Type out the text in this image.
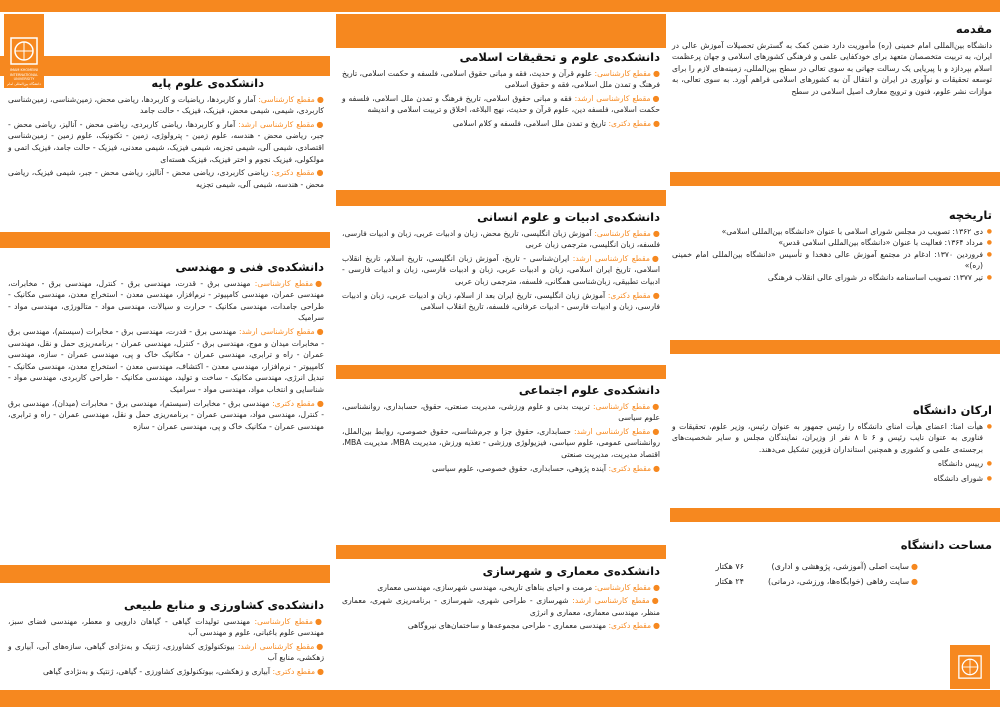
مقدمه

دانشگاه بین‌المللی امام خمینی (ره) مأموریت دارد ضمن کمک به گسترش تحصیلات آموزش عالی در ایران، به تربیت متخصصان متعهد برای خودکفایی علمی و فرهنگی کشورهای اسلامی و جهان پرعظمت اسلام بپردازد و با پیریایی یک رسالت جهانی به سوی تعالی در سطح بین‌المللی، زمینه‌های لازم را برای توسعه تحقیقات و نوآوری در ایران و انتقال آن به کشورهای اسلامی فراهم آورد. به سوی تعالی، به موازات نشر علوم، فنون و ترویج معارف اصیل اسلامی در سطح

تاریخچه
● دی ۱۳۶۲: تصویب در مجلس شورای اسلامی با عنوان «دانشگاه بین‌المللی اسلامی»
● مرداد ۱۳۶۴: فعالیت با عنوان «دانشگاه بین‌المللی اسلامی قدس»
● فروردین ۱۳۷۰: ادغام در مجتمع آموزش عالی دهخدا و تأسیس «دانشگاه بین‌المللی امام خمینی (ره)»
● تیر ۱۳۷۷: تصویب اساسنامه دانشگاه در شورای عالی انقلاب فرهنگی
ارکان دانشگاه
● هیأت امنا: اعضای هیأت امنای دانشگاه را رئیس جمهور به عنوان رئیس، وزیر علوم، تحقیقات و فناوری به عنوان نایب رئیس و ۶ تا ۸ نفر از وزیران، نمایندگان مجلس و سایر شخصیت‌های برجسته‌ی علمی و کشوری و همچنین استانداران قزوین تشکیل می‌دهند.
● رییس دانشگاه
● شورای دانشگاه
مساحت دانشگاه
●سایت اصلی (آموزشی، پژوهشی و اداری)	۷۶ هکتار
●سایت رفاهی (خوابگاه‌ها، ورزشی، درمانی)	۲۴ هکتار
دانشکده‌ی علوم و تحقیقات اسلامی

●مقطع کارشناسی: علوم قرآن و حدیث، فقه و مبانی حقوق اسلامی، فلسفه و حکمت اسلامی، تاریخ فرهنگ و تمدن ملل اسلامی، فقه و حقوق اسلامی

●مقطع کارشناسی ارشد: فقه و مبانی حقوق اسلامی، تاریخ فرهنگ و تمدن ملل اسلامی، فلسفه و حکمت اسلامی، فلسفه دین، علوم قرآن و حدیث، نهج البلاغه، اخلاق و تربیت اسلامی و اندیشه

●مقطع دکتری: تاریخ و تمدن ملل اسلامی، فلسفه و کلام اسلامی

دانشکده‌ی ادبیات و علوم انسانی

●مقطع کارشناسی: آموزش زبان انگلیسی، تاریخ محض، زبان و ادبیات عربی، زبان و ادبیات فارسی، فلسفه، زبان انگلیسی، مترجمی زبان عربی

●مقطع کارشناسی ارشد: ایران‌شناسی - تاریخ، آموزش زبان انگلیسی، تاریخ اسلام، تاریخ انقلاب اسلامی، تاریخ ایران اسلامی، زبان و ادبیات عربی، زبان و ادبیات فارسی، زبان و ادبیات فارسی - ادبیات تطبیقی، زبان‌شناسی همگانی، فلسفه، مترجمی زبان عربی

●مقطع دکتری: آموزش زبان انگلیسی، تاریخ ایران بعد از اسلام، زبان و ادبیات عربی، زبان و ادبیات فارسی، زبان و ادبیات فارسی - ادبیات عرفانی، فلسفه، تاریخ انقلاب اسلامی

دانشکده‌ی علوم اجتماعی

●مقطع کارشناسی: تربیت بدنی و علوم ورزشی، مدیریت صنعتی، حقوق، حسابداری، روانشناسی، علوم سیاسی

●مقطع کارشناسی ارشد: حسابداری، حقوق جزا و جرم‌شناسی، حقوق خصوصی، روابط بین‌الملل، روانشناسی عمومی، علوم سیاسی، فیزیولوژی ورزشی - تغذیه ورزش، مدیریت MBA، مدیریت MBA، اقتصاد مدیریت، مدیریت صنعتی

●مقطع دکتری: آینده پژوهی، حسابداری، حقوق خصوصی، علوم سیاسی

دانشکده‌ی معماری و شهرسازی

●مقطع کارشناسی: مرمت و احیای بناهای تاریخی، مهندسی شهرسازی، مهندسی معماری

●مقطع کارشناسی ارشد: شهرسازی - طراحی شهری، شهرسازی - برنامه‌ریزی شهری، معماری منظر، مهندسی معماری، معماری و انرژی

●مقطع دکتری: مهندسی معماری - طراحی مجموعه‌ها و ساختمان‌های نیروگاهی

دانشکده‌ی علوم پایه

●مقطع کارشناسی: آمار و کاربردها، ریاضیات و کاربردها، ریاضی محض، زمین‌شناسی، زمین‌شناسی کاربردی، شیمی، شیمی محض، فیزیک، فیزیک - حالت جامد

●مقطع کارشناسی ارشد: آمار و کاربردها، ریاضی کاربردی، ریاضی محض - آنالیز، ریاضی محض - جبر، ریاضی محض - هندسه، علوم زمین - پترولوژی، زمین - تکتونیک، علوم زمین - زمین‌شناسی اقتصادی، شیمی آلی، شیمی تجزیه، شیمی فیزیک، شیمی معدنی، فیزیک - حالت جامد، فیزیک اتمی و مولکولی، فیزیک نجوم و اختر فیزیک، فیزیک هسته‌ای

●مقطع دکتری: ریاضی کاربردی، ریاضی محض - آنالیز، ریاضی محض - جبر، شیمی فیزیک، ریاضی محض - هندسه، شیمی آلی، شیمی تجزیه

دانشکده‌ی فنی و مهندسی

●مقطع کارشناسی: مهندسی برق - قدرت، مهندسی برق - کنترل، مهندسی برق - مخابرات، مهندسی عمران، مهندسی کامپیوتر - نرم‌افزار، مهندسی معدن - استخراج معدن، مهندسی مکانیک - طراحی جامدات، مهندسی مکانیک - حرارت و سیالات، مهندسی مواد - متالورژی، مهندسی مواد - سرامیک

●مقطع کارشناسی ارشد: مهندسی برق - قدرت، مهندسی برق - مخابرات (سیستم)، مهندسی برق - مخابرات میدان و موج، مهندسی برق - کنترل، مهندسی عمران - برنامه‌ریزی حمل و نقل، مهندسی عمران - راه و ترابری، مهندسی عمران - مکانیک خاک و پی، مهندسی عمران - سازه، مهندسی کامپیوتر - نرم‌افزار، مهندسی معدن - اکتشاف، مهندسی معدن - استخراج معدن، مهندسی مکانیک - تبدیل انرژی، مهندسی مکانیک - ساخت و تولید، مهندسی مکانیک - طراحی کاربردی، مهندسی مواد - شناسایی و انتخاب مواد، مهندسی مواد - سرامیک

●مقطع دکتری: مهندسی برق - مخابرات (سیستم)، مهندسی برق - مخابرات (میدان)، مهندسی برق - کنترل، مهندسی مواد، مهندسی عمران - برنامه‌ریزی حمل و نقل، مهندسی عمران - راه و ترابری، مهندسی عمران - مکانیک خاک و پی، مهندسی عمران - سازه

دانشکده‌ی کشاورزی و منابع طبیعی

●مقطع کارشناسی: مهندسی تولیدات گیاهی - گیاهان دارویی و معطر، مهندسی فضای سبز، مهندسی علوم باغبانی، علوم و مهندسی آب

●مقطع کارشناسی ارشد: بیوتکنولوژی کشاورزی، ژنتیک و به‌نژادی گیاهی، سازه‌های آبی، آبیاری و زهکشی، منابع آب

●مقطع دکتری: آبیاری و زهکشی، بیوتکنولوژی کشاورزی - گیاهی، ژنتیک و به‌نژادی گیاهی

IMAM KHOMEINI INTERNATIONAL UNIVERSITY
دانشگاه بین‌المللی امام خمینی
